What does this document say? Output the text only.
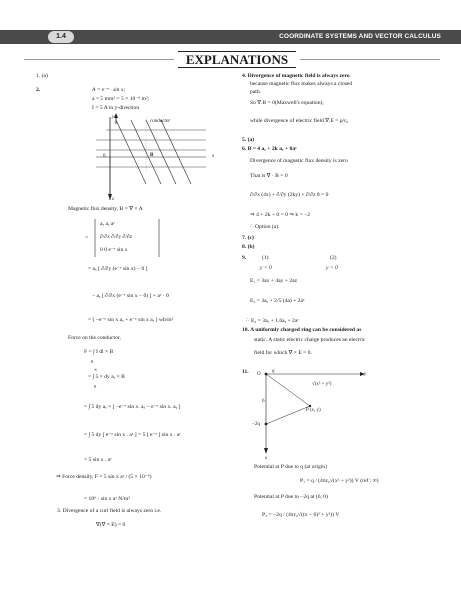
1.4	COORDINATE SYSTEMS AND VECTOR CALCULUS
EXPLANATIONS
1. (a)
2.	A = e⁻ʸ · sin x;
a = 5 mm² = 5 × 10⁻⁶ m²;
I = 5 A in y-direction
y
conductor
B
0	x
z
Magnetic flux density, B = ∇ × A
=
aₓ aᵧ aᶻ
∂/∂x ∂/∂y ∂/∂z
0 0 e⁻ʸ sin x
= aₓ [ ∂/∂y (e⁻ʸ sin x) − 0 ]
− aᵧ [ ∂/∂x (e⁻ʸ sin x − 0) ] + aᶻ · 0
= [ −e⁻ʸ sin x aₓ + e⁻ʸ sin x aᵧ ] wb/m²
Force on the conductor,
F = ∫ I dl × B
0
= ∫ 5 × dy aᵧ × B
∞
0
= ∫ 5 dy aᵧ × [ −e⁻ʸ sin x. aₓ − e⁻ʸ sin x. aᵧ ]
= ∫ 5 dy [ e⁻ʸ sin x . aᶻ ] = 5 [ e⁻ʸ ] sin x . aᶻ
= 5 sin x . aᶻ
⇒ Force density, F = 5 sin x aᶻ / (5 × 10⁻⁶)
= 10⁶ · sin x aᶻ N/m²
3. Divergence of a curl field is always zero i.e.
∇(∇ × E) = 0
4. Divergence of magnetic field is always zero
because magnetic flux makes always a closed
path.
So ∇.B = 0(Maxwell's equation),
while divergence of electric field ∇.E = ρ/ε₀
5. (a)
6. B = 4 aₓ + 2k aᵧ + 8aᶻ
Divergence of magnetic flux density is zero
That is ∇ · B = 0
∂/∂x (4x) + ∂/∂y (2ky) + ∂/∂z 8 = 0
⇒ 4 + 2k + 0 = 0 ⇒ k = −2
∴ Option (a).
7. (c)
8. (b)
9.	(1)	(2)
y < 0	y > 0
E₁ = 3ax + 4ay + 2az
E₂ = 3aₓ + 2/5 (4a) + 2aᶻ
∴ E₂ = 3aₓ + 1.6aᵧ + 2aᶻ
10. A uniformly charged ring can be considered as
static. A static electric charge produces an electric
field for which ∇ × E = 0.
11. O
q
y
√(x² + y²)
6
P (x, y)
−2q
x
Potential at P due to q (at origin)
P₁ = q / (4πε₀√(x² + y²)) V (ref : ∞)
Potential at P due to −2q at (6, 0)
P₂ = −2q / (4πε₀√((x − 6)² + y²)) V
